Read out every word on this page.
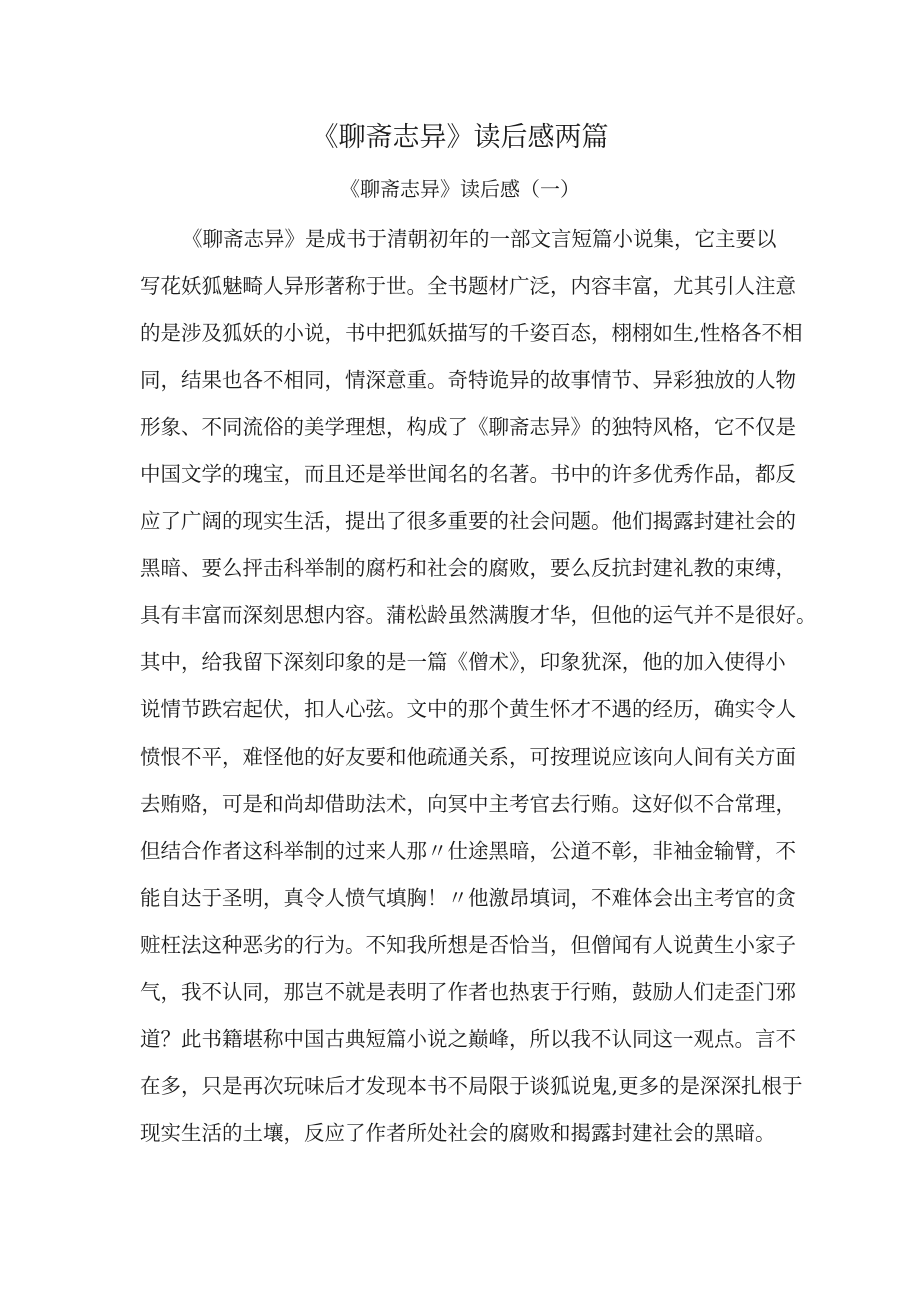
《聊斋志异》读后感两篇
《聊斋志异》读后感（一）
《聊斋志异》是成书于清朝初年的一部文言短篇小说集，它主要以
写花妖狐魅畸人异形著称于世。全书题材广泛，内容丰富，尤其引人注意
的是涉及狐妖的小说，书中把狐妖描写的千姿百态，栩栩如生,性格各不相
同，结果也各不相同，情深意重。奇特诡异的故事情节、异彩独放的人物
形象、不同流俗的美学理想，构成了《聊斋志异》的独特风格，它不仅是
中国文学的瑰宝，而且还是举世闻名的名著。书中的许多优秀作品，都反
应了广阔的现实生活，提出了很多重要的社会问题。他们揭露封建社会的
黑暗、要么抨击科举制的腐朽和社会的腐败，要么反抗封建礼教的束缚，
具有丰富而深刻思想内容。蒲松龄虽然满腹才华，但他的运气并不是很好。
其中，给我留下深刻印象的是一篇《僧术》，印象犹深，他的加入使得小
说情节跌宕起伏，扣人心弦。文中的那个黄生怀才不遇的经历，确实令人
愤恨不平，难怪他的好友要和他疏通关系，可按理说应该向人间有关方面
去贿赂，可是和尚却借助法术，向冥中主考官去行贿。这好似不合常理，
但结合作者这科举制的过来人那〃仕途黑暗，公道不彰，非袖金输臂，不
能自达于圣明，真令人愤气填胸！〃他激昂填词，不难体会出主考官的贪
赃枉法这种恶劣的行为。不知我所想是否恰当，但僧闻有人说黄生小家子
气，我不认同，那岂不就是表明了作者也热衷于行贿，鼓励人们走歪门邪
道？此书籍堪称中国古典短篇小说之巅峰，所以我不认同这一观点。言不
在多，只是再次玩味后才发现本书不局限于谈狐说鬼,更多的是深深扎根于
现实生活的土壤，反应了作者所处社会的腐败和揭露封建社会的黑暗。
